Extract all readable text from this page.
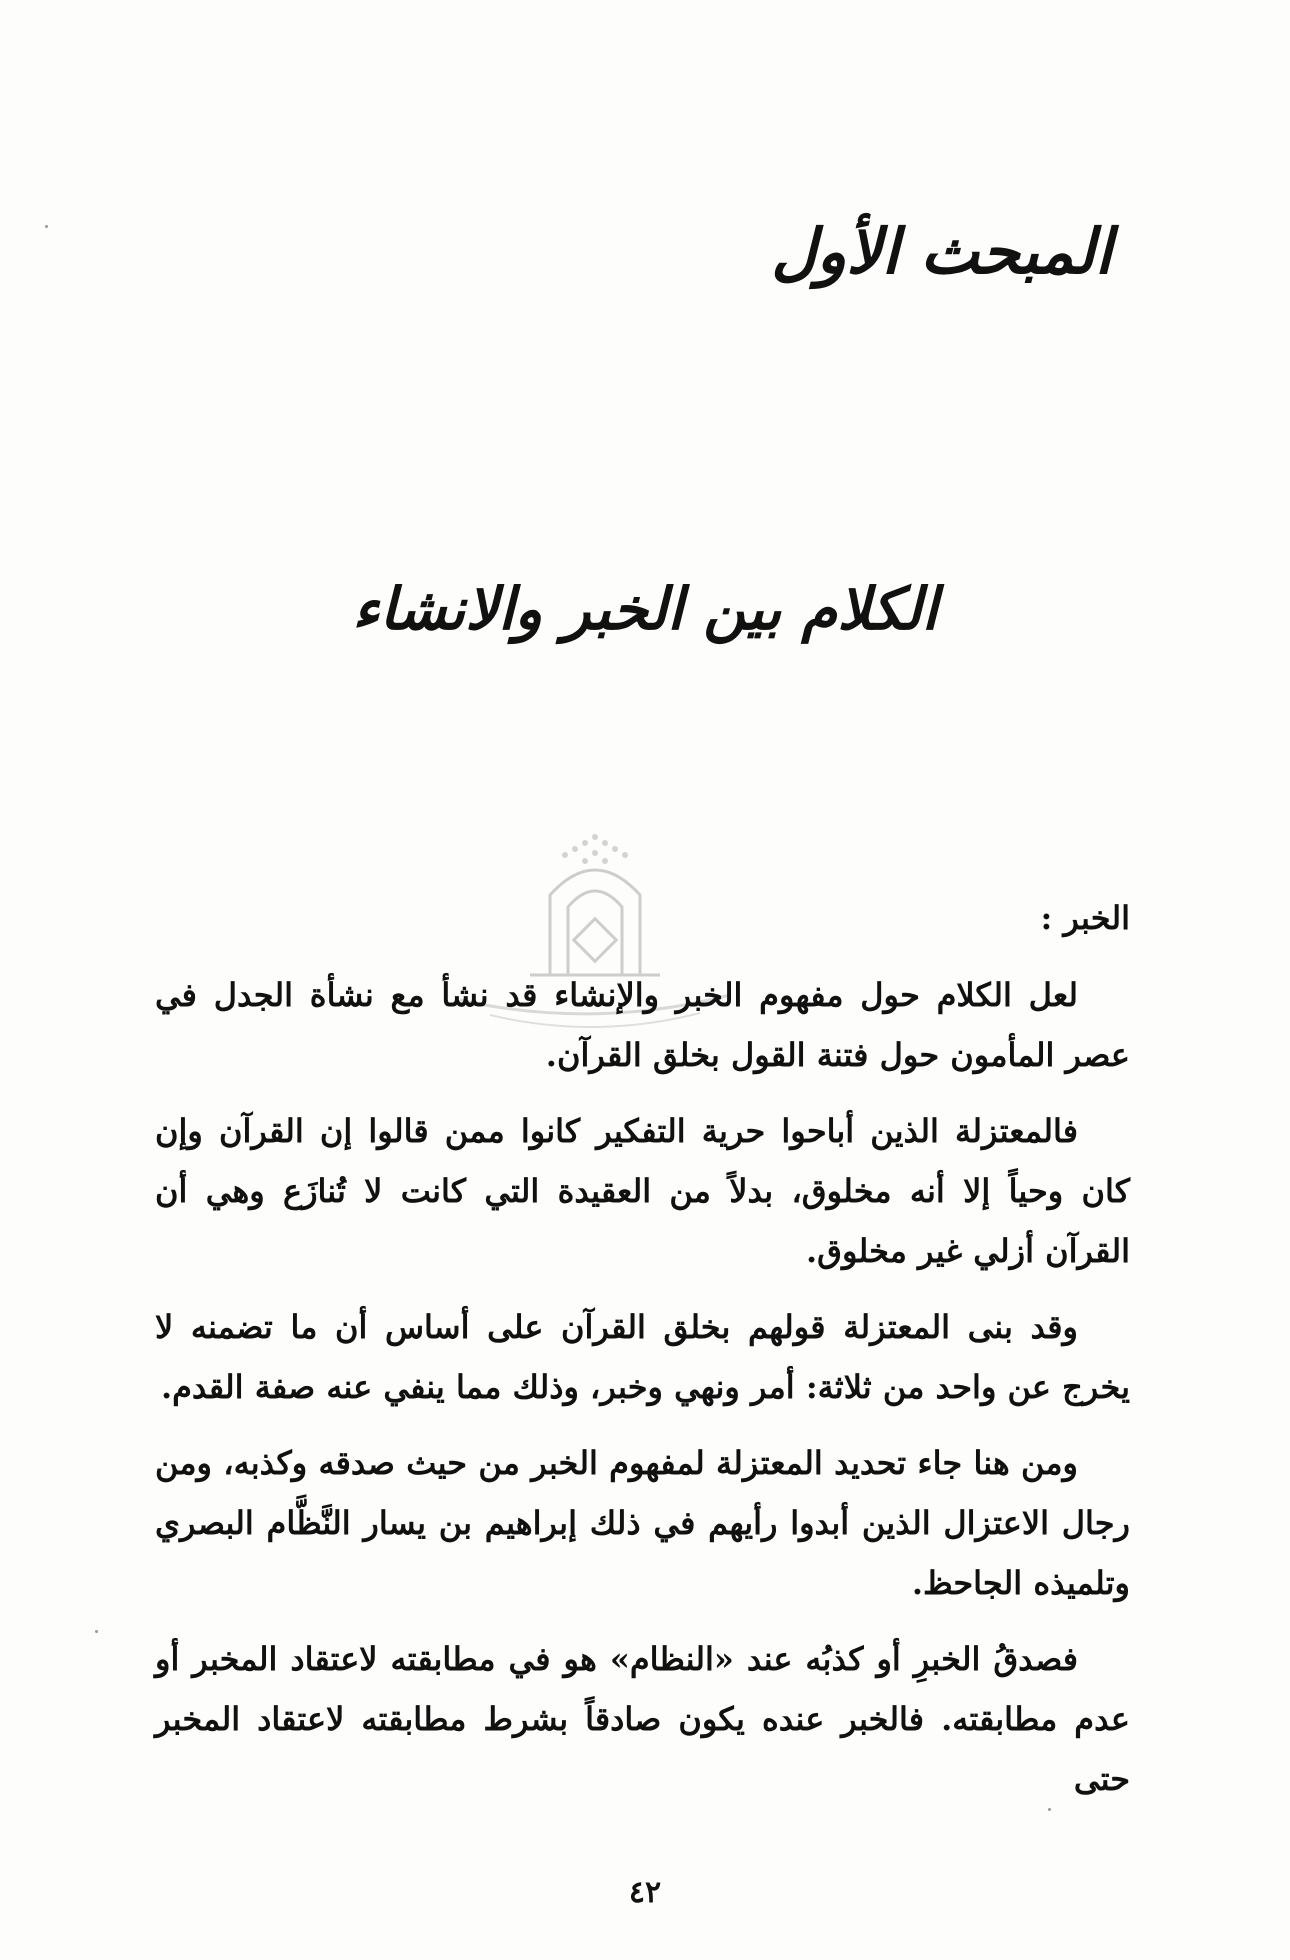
المبحث الأول
الكلام بين الخبر والانشاء
الخبر :

لعل الكلام حول مفهوم الخبر والإنشاء قد نشأ مع نشأة الجدل في عصر المأمون حول فتنة القول بخلق القرآن.

فالمعتزلة الذين أباحوا حرية التفكير كانوا ممن قالوا إن القرآن وإن كان وحياً إلا أنه مخلوق، بدلاً من العقيدة التي كانت لا تُنازَع وهي أن القرآن أزلي غير مخلوق.

وقد بنى المعتزلة قولهم بخلق القرآن على أساس أن ما تضمنه لا يخرج عن واحد من ثلاثة: أمر ونهي وخبر، وذلك مما ينفي عنه صفة القدم.

ومن هنا جاء تحديد المعتزلة لمفهوم الخبر من حيث صدقه وكذبه، ومن رجال الاعتزال الذين أبدوا رأيهم في ذلك إبراهيم بن يسار النَّظَّام البصري وتلميذه الجاحظ.

فصدقُ الخبرِ أو كذبُه عند «النظام» هو في مطابقته لاعتقاد المخبر أو عدم مطابقته. فالخبر عنده يكون صادقاً بشرط مطابقته لاعتقاد المخبر حتى

٤٢
